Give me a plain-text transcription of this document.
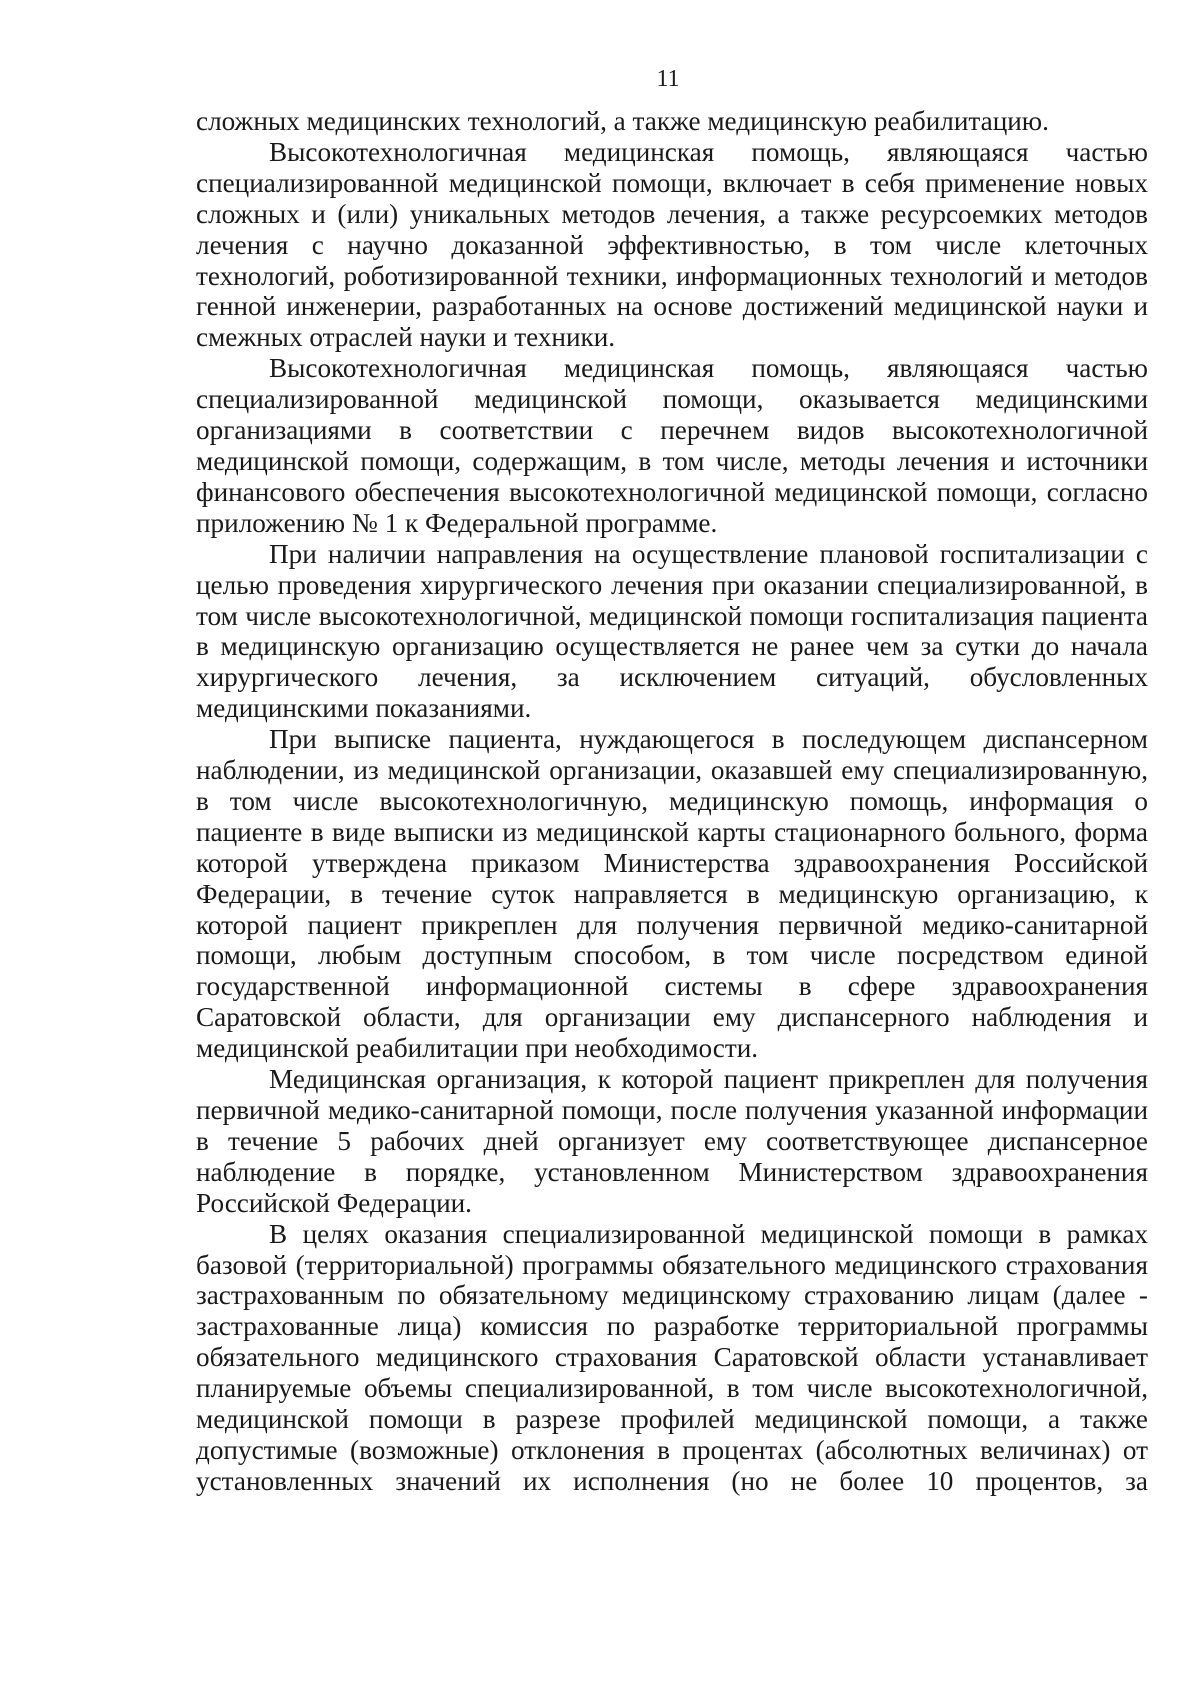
11

сложных медицинских технологий, а также медицинскую реабилитацию.

Высокотехнологичная медицинская помощь, являющаяся частью специализированной медицинской помощи, включает в себя применение новых сложных и (или) уникальных методов лечения, а также ресурсоемких методов лечения с научно доказанной эффективностью, в том числе клеточных технологий, роботизированной техники, информационных технологий и методов генной инженерии, разработанных на основе достижений медицинской науки и смежных отраслей науки и техники.

Высокотехнологичная медицинская помощь, являющаяся частью специализированной медицинской помощи, оказывается медицинскими организациями в соответствии с перечнем видов высокотехнологичной медицинской помощи, содержащим, в том числе, методы лечения и источники финансового обеспечения высокотехнологичной медицинской помощи, согласно приложению № 1 к Федеральной программе.

При наличии направления на осуществление плановой госпитализации с целью проведения хирургического лечения при оказании специализированной, в том числе высокотехнологичной, медицинской помощи госпитализация пациента в медицинскую организацию осуществляется не ранее чем за сутки до начала хирургического лечения, за исключением ситуаций, обусловленных медицинскими показаниями.

При выписке пациента, нуждающегося в последующем диспансерном наблюдении, из медицинской организации, оказавшей ему специализированную, в том числе высокотехнологичную, медицинскую помощь, информация о пациенте в виде выписки из медицинской карты стационарного больного, форма которой утверждена приказом Министерства здравоохранения Российской Федерации, в течение суток направляется в медицинскую организацию, к которой пациент прикреплен для получения первичной медико-санитарной помощи, любым доступным способом, в том числе посредством единой государственной информационной системы в сфере здравоохранения Саратовской области, для организации ему диспансерного наблюдения и медицинской реабилитации при необходимости.

Медицинская организация, к которой пациент прикреплен для получения первичной медико-санитарной помощи, после получения указанной информации в течение 5 рабочих дней организует ему соответствующее диспансерное наблюдение в порядке, установленном Министерством здравоохранения Российской Федерации.

В целях оказания специализированной медицинской помощи в рамках базовой (территориальной) программы обязательного медицинского страхования застрахованным по обязательному медицинскому страхованию лицам (далее - застрахованные лица) комиссия по разработке территориальной программы обязательного медицинского страхования Саратовской области устанавливает планируемые объемы специализированной, в том числе высокотехнологичной, медицинской помощи в разрезе профилей медицинской помощи, а также допустимые (возможные) отклонения в процентах (абсолютных величинах) от установленных значений их исполнения (но не более 10 процентов, за
